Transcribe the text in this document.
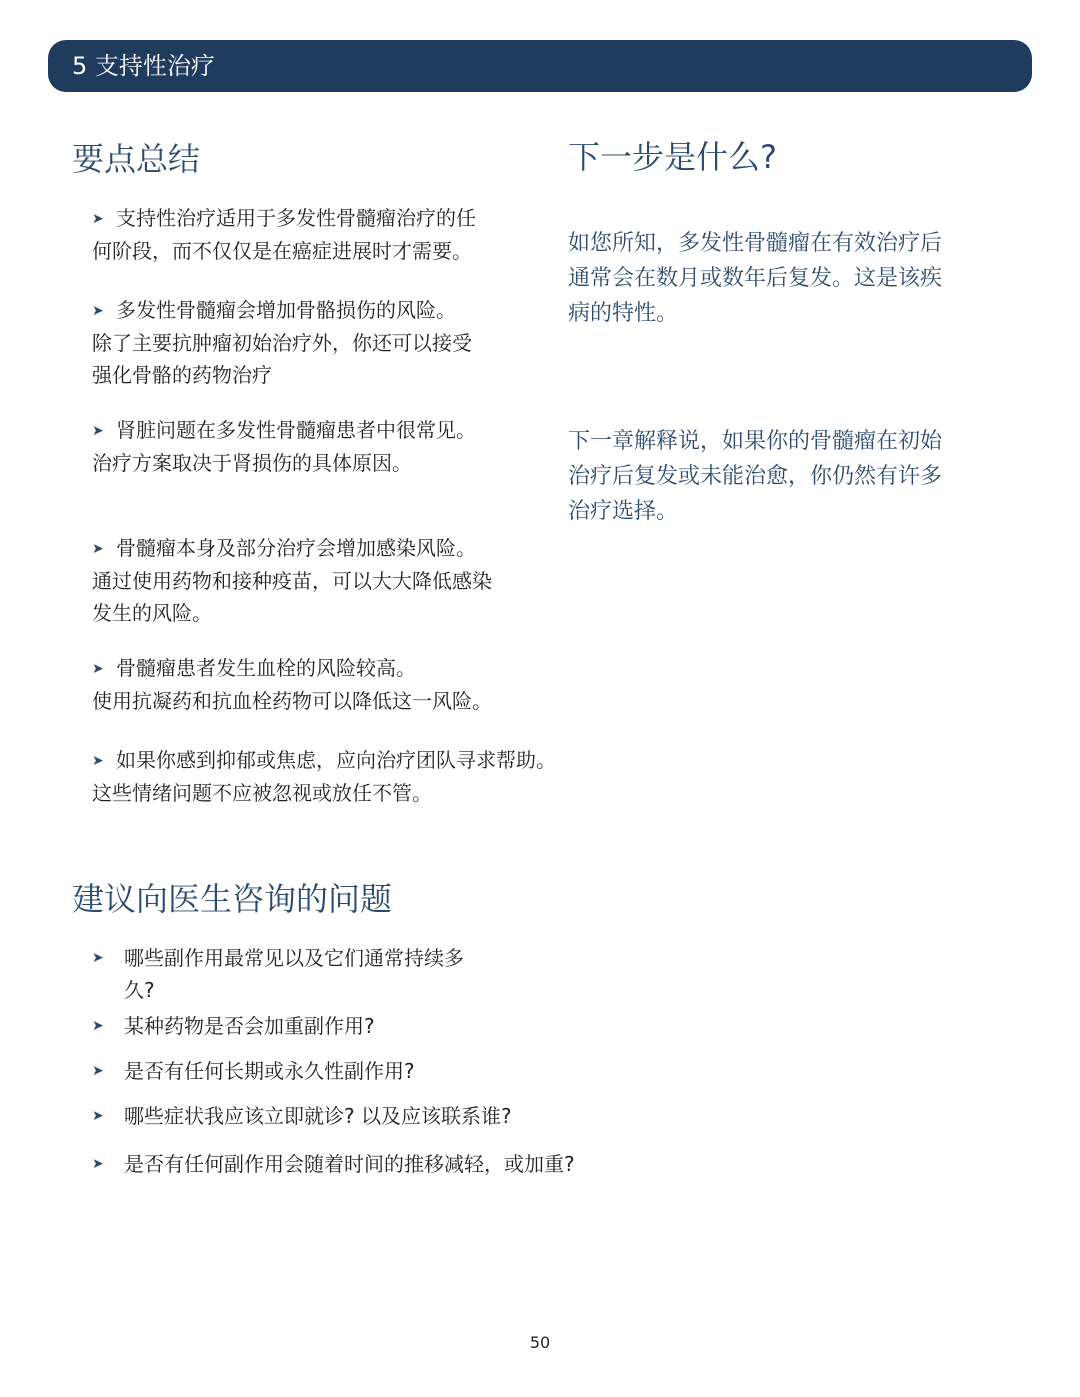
5 支持性治疗
要点总结
➤ 支持性治疗适用于多发性骨髓瘤治疗的任
何阶段，而不仅仅是在癌症进展时才需要。
➤ 多发性骨髓瘤会增加骨骼损伤的风险。
除了主要抗肿瘤初始治疗外，你还可以接受
强化骨骼的药物治疗
➤ 肾脏问题在多发性骨髓瘤患者中很常见。
治疗方案取决于肾损伤的具体原因。
➤ 骨髓瘤本身及部分治疗会增加感染风险。
通过使用药物和接种疫苗，可以大大降低感染
发生的风险。
➤ 骨髓瘤患者发生血栓的风险较高。
使用抗凝药和抗血栓药物可以降低这一风险。
➤ 如果你感到抑郁或焦虑，应向治疗团队寻求帮助。
这些情绪问题不应被忽视或放任不管。
下一步是什么?
如您所知，多发性骨髓瘤在有效治疗后
通常会在数月或数年后复发。这是该疾
病的特性。
下一章解释说，如果你的骨髓瘤在初始
治疗后复发或未能治愈，你仍然有许多
治疗选择。
建议向医生咨询的问题
➤ 哪些副作用最常见以及它们通常持续多
久?
➤ 某种药物是否会加重副作用?
➤ 是否有任何长期或永久性副作用?
➤ 哪些症状我应该立即就诊? 以及应该联系谁?
➤ 是否有任何副作用会随着时间的推移减轻，或加重?
50
